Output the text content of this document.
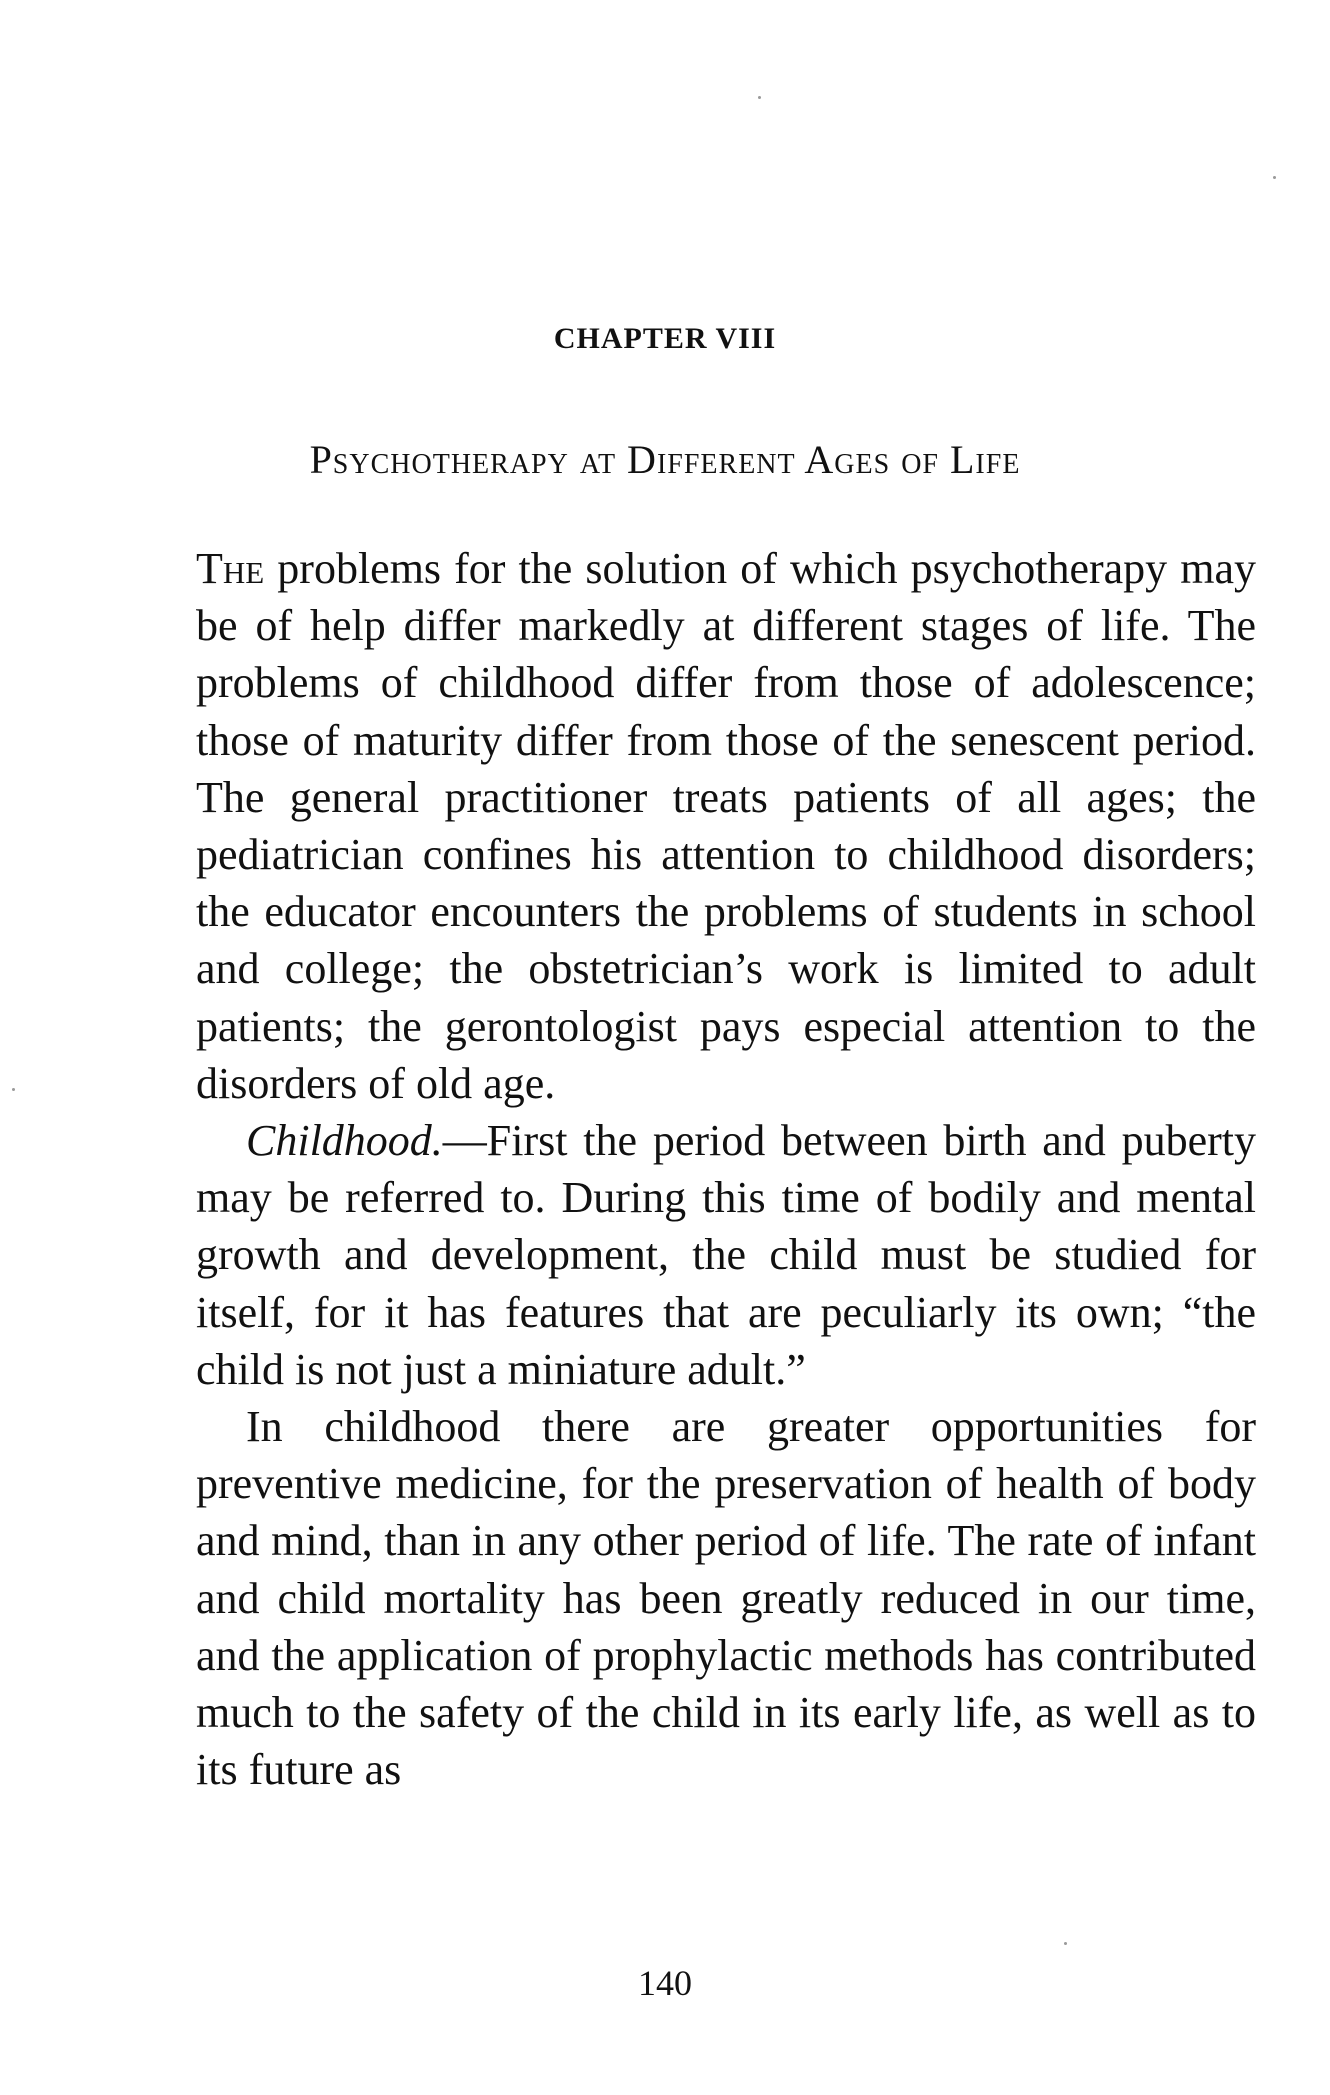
CHAPTER VIII
Psychotherapy at Different Ages of Life

The problems for the solution of which psychotherapy may be of help differ markedly at different stages of life. The problems of childhood differ from those of adolescence; those of maturity differ from those of the senescent period. The general practitioner treats patients of all ages; the pediatrician confines his attention to childhood disorders; the educator encounters the problems of students in school and college; the obstetrician’s work is limited to adult patients; the gerontologist pays especial attention to the disorders of old age.

Childhood.—First the period between birth and puberty may be referred to. During this time of bodily and mental growth and development, the child must be studied for itself, for it has features that are peculiarly its own; “the child is not just a miniature adult.”

In childhood there are greater opportunities for preventive medicine, for the preservation of health of body and mind, than in any other period of life. The rate of infant and child mortality has been greatly reduced in our time, and the application of prophylactic methods has contributed much to the safety of the child in its early life, as well as to its future as

140
